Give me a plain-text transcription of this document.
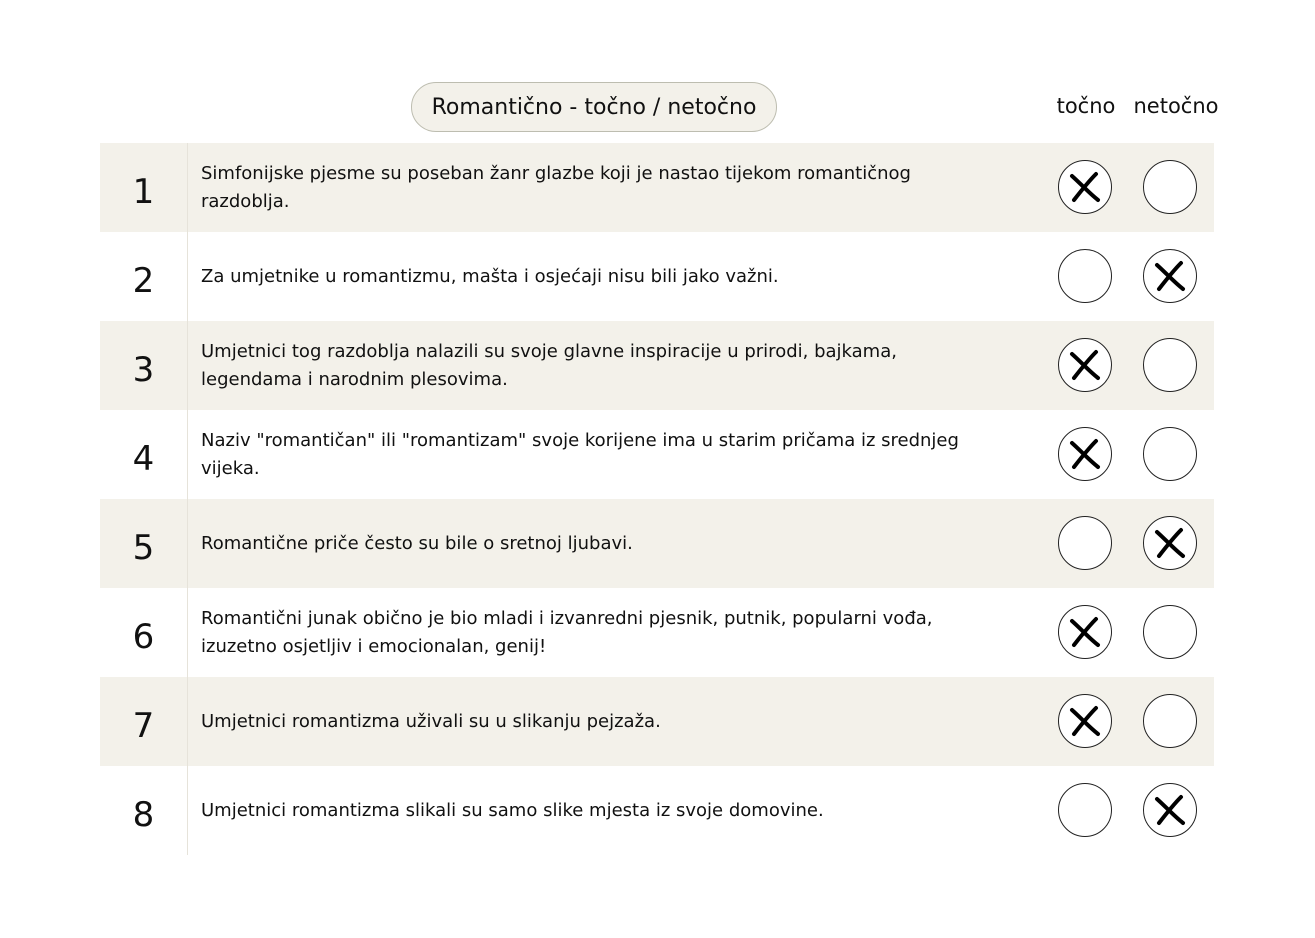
Romantično - točno / netočno	točno netočno
1	Simfonijske pjesme su poseban žanr glazbe koji je nastao tijekom romantičnog razdoblja.
2	Za umjetnike u romantizmu, mašta i osjećaji nisu bili jako važni.
3	Umjetnici tog razdoblja nalazili su svoje glavne inspiracije u prirodi, bajkama, legendama i narodnim plesovima.
4	Naziv "romantičan" ili "romantizam" svoje korijene ima u starim pričama iz srednjeg vijeka.
5	Romantične priče često su bile o sretnoj ljubavi.
6	Romantični junak obično je bio mladi i izvanredni pjesnik, putnik, popularni vođa, izuzetno osjetljiv i emocionalan, genij!
7	Umjetnici romantizma uživali su u slikanju pejzaža.
8	Umjetnici romantizma slikali su samo slike mjesta iz svoje domovine.
